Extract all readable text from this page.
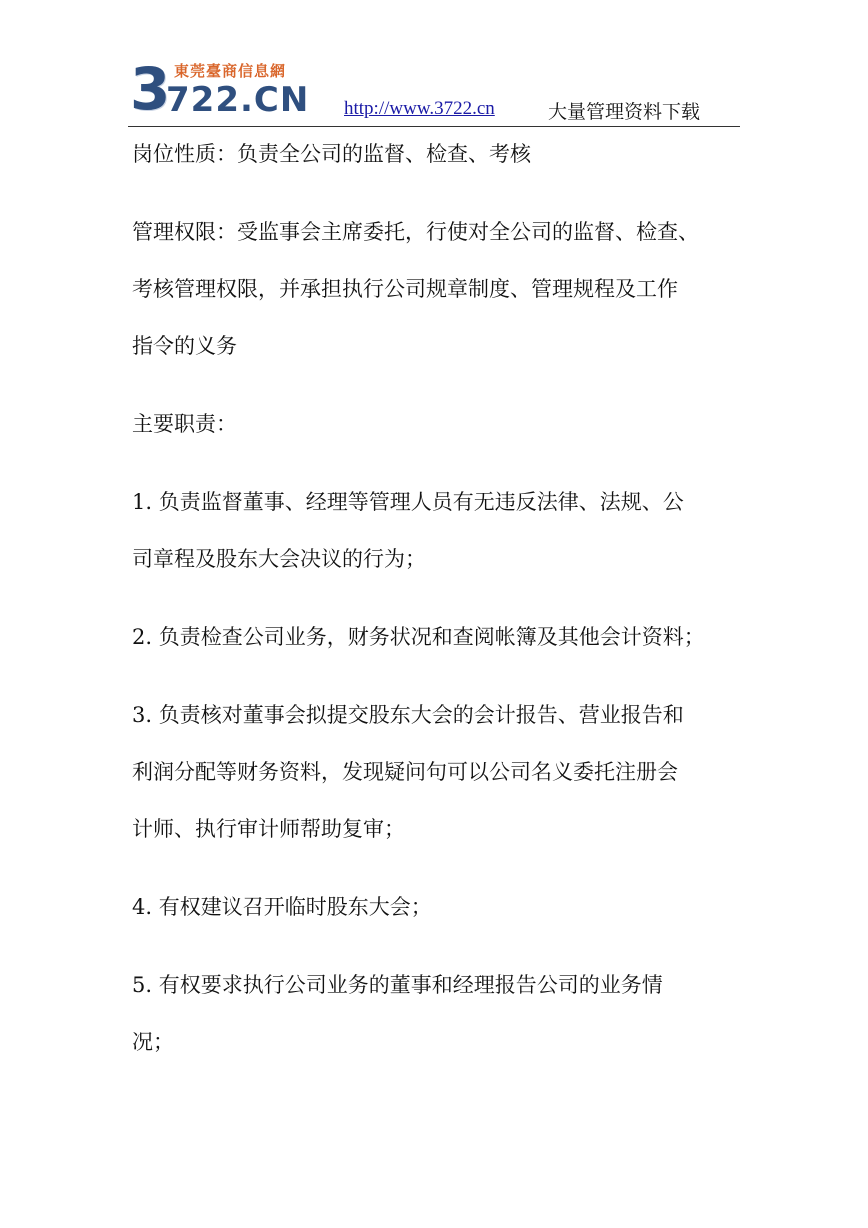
3 東莞臺商信息網
722.CN http://www.3722.cn	大量管理资料下载
岗位性质：负责全公司的监督、检查、考核
管理权限：受监事会主席委托，行使对全公司的监督、检查、
考核管理权限，并承担执行公司规章制度、管理规程及工作
指令的义务
主要职责：
1. 负责监督董事、经理等管理人员有无违反法律、法规、公
司章程及股东大会决议的行为；
2. 负责检查公司业务，财务状况和查阅帐簿及其他会计资料；
3. 负责核对董事会拟提交股东大会的会计报告、营业报告和
利润分配等财务资料，发现疑问句可以公司名义委托注册会
计师、执行审计师帮助复审；
4. 有权建议召开临时股东大会；
5. 有权要求执行公司业务的董事和经理报告公司的业务情
况；
